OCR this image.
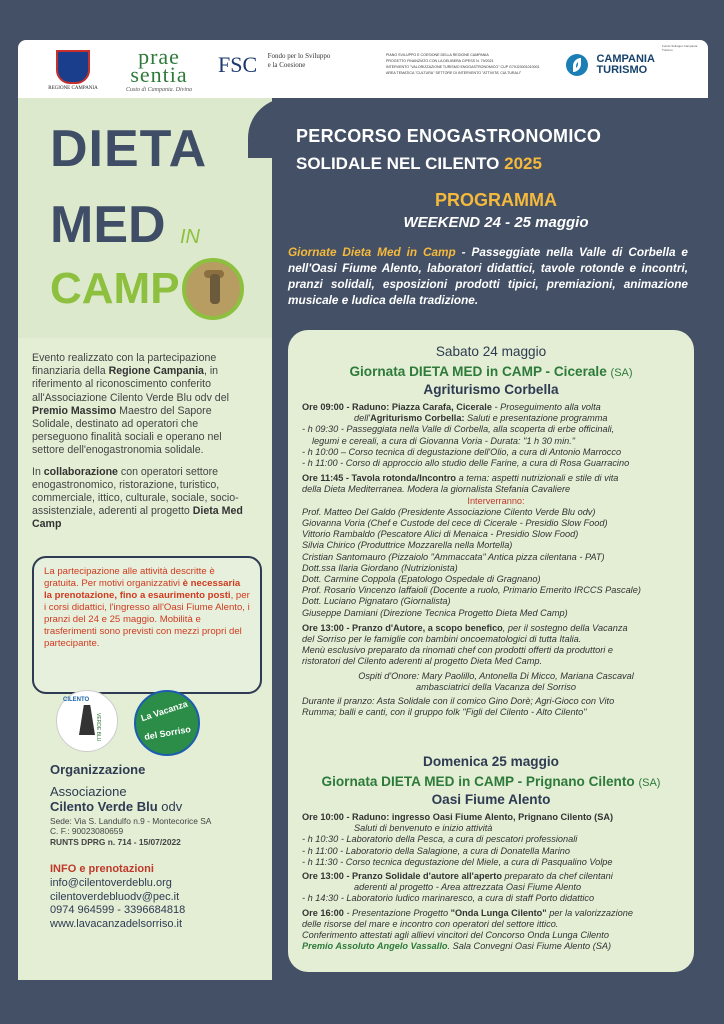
REGIONE CAMPANIA
prae
sentia
Custo di Campania. Divina
FSC Fondo per lo Sviluppo
e la Coesione
PIANO SVILUPPO E COESIONE DELLA REGIONE CAMPANIA
PROGETTO FINANZIATO CON LA DELIBERA CIPESS N. 79/2021
INTERVENTO "VALORIZZAZIONE TURISMO ENOGASTRONOMICO" CUP G79J23001010001
AREA TEMATICA "CULTURA" SETTORE DI INTERVENTO "ATTIVITA' CULTURALI"
CAMPANIA
TURISMO
Fondo Sviluppo Campania Turismo
DIETA
MED IN
CAMP
Evento realizzato con la partecipazione finanziaria della Regione Campania, in riferimento al riconoscimento conferito all'Associazione Cilento Verde Blu odv del Premio Massimo Maestro del Sapore Solidale, destinato ad operatori che perseguono finalità sociali e operano nel settore dell'enogastronomia solidale.
In collaborazione con operatori settore enogastronomico, ristorazione, turistico, commerciale, ittico, culturale, sociale, socio-assistenziale, aderenti al progetto Dieta Med Camp
La partecipazione alle attività descritte è gratuita. Per motivi organizzativi è necessaria la prenotazione, fino a esaurimento posti, per i corsi didattici, l'ingresso all'Oasi Fiume Alento, i pranzi del 24 e 25 maggio. Mobilità e trasferimenti sono previsti con mezzi propri del partecipante.
CILENTO
VERDE BLU
La Vacanza
del Sorriso
Organizzazione
Associazione
Cilento Verde Blu odv
Sede: Via S. Landulfo n.9 - Montecorice SA
C. F.: 90023080659
RUNTS DPRG n. 714 - 15/07/2022
INFO e prenotazioni
info@cilentoverdeblu.org
cilentoverdebluodv@pec.it
0974 964599 - 3396684818
www.lavacanzadelsorriso.it
PERCORSO ENOGASTRONOMICO
SOLIDALE NEL CILENTO 2025
PROGRAMMA
WEEKEND 24 - 25 maggio
Giornate Dieta Med in Camp - Passeggiate nella Valle di Corbella e nell'Oasi Fiume Alento, laboratori didattici, tavole rotonde e incontri, pranzi solidali, esposizioni prodotti tipici, premiazioni, animazione musicale e ludica della tradizione.
Sabato 24 maggio
Giornata DIETA MED in CAMP - Cicerale (SA)
Agriturismo Corbella
Ore 09:00 - Raduno: Piazza Carafa, Cicerale - Proseguimento alla volta
dell'Agriturismo Corbella: Saluti e presentazione programma
- h 09:30 - Passeggiata nella Valle di Corbella, alla scoperta di erbe officinali,
legumi e cereali, a cura di Giovanna Voria - Durata: "1 h 30 min."
- h 10:00 – Corso tecnica di degustazione dell'Olio, a cura di Antonio Marrocco
- h 11:00 - Corso di approccio allo studio delle Farine, a cura di Rosa Guarracino
Ore 11:45 - Tavola rotonda/Incontro a tema: aspetti nutrizionali e stile di vita
della Dieta Mediterranea. Modera la giornalista Stefania Cavaliere
Interverranno:
Prof. Matteo Del Galdo (Presidente Associazione Cilento Verde Blu odv)
Giovanna Voria (Chef e Custode del cece di Cicerale - Presidio Slow Food)
Vittorio Rambaldo (Pescatore Alici di Menaica - Presidio Slow Food)
Silvia Chirico (Produttrice Mozzarella nella Mortella)
Cristian Santomauro (Pizzaiolo "Ammaccata" Antica pizza cilentana - PAT)
Dott.ssa Ilaria Giordano (Nutrizionista)
Dott. Carmine Coppola (Epatologo Ospedale di Gragnano)
Prof. Rosario Vincenzo Iaffaioli (Docente a ruolo, Primario Emerito IRCCS Pascale)
Dott. Luciano Pignataro (Giornalista)
Giuseppe Damiani (Direzione Tecnica Progetto Dieta Med Camp)
Ore 13:00 - Pranzo d'Autore, a scopo benefico, per il sostegno della Vacanza
del Sorriso per le famiglie con bambini oncoematologici di tutta Italia.
Menù esclusivo preparato da rinomati chef con prodotti offerti da produttori e
ristoratori del Cilento aderenti al progetto Dieta Med Camp.
Ospiti d'Onore: Mary Paolillo, Antonella Di Micco, Mariana Cascaval
ambasciatrici della Vacanza del Sorriso
Durante il pranzo: Asta Solidale con il comico Gino Dorè; Agri-Gioco con Vito
Rumma; balli e canti, con il gruppo folk "Figli del Cilento - Alto Cilento"
Domenica 25 maggio
Giornata DIETA MED in CAMP - Prignano Cilento (SA)
Oasi Fiume Alento
Ore 10:00 - Raduno: ingresso Oasi Fiume Alento, Prignano Cilento (SA)
Saluti di benvenuto e inizio attività
- h 10:30 - Laboratorio della Pesca, a cura di pescatori professionali
- h 11:00 - Laboratorio della Salagione, a cura di Donatella Marino
- h 11:30 - Corso tecnica degustazione del Miele, a cura di Pasqualino Volpe
Ore 13:00 - Pranzo Solidale d'autore all'aperto preparato da chef cilentani
aderenti al progetto - Area attrezzata Oasi Fiume Alento
- h 14:30 - Laboratorio ludico marinaresco, a cura di staff Porto didattico
Ore 16:00 - Presentazione Progetto "Onda Lunga Cilento" per la valorizzazione
delle risorse del mare e incontro con operatori del settore ittico.
Conferimento attestati agli allievi vincitori del Concorso Onda Lunga Cilento
Premio Assoluto Angelo Vassallo. Sala Convegni Oasi Fiume Alento (SA)
